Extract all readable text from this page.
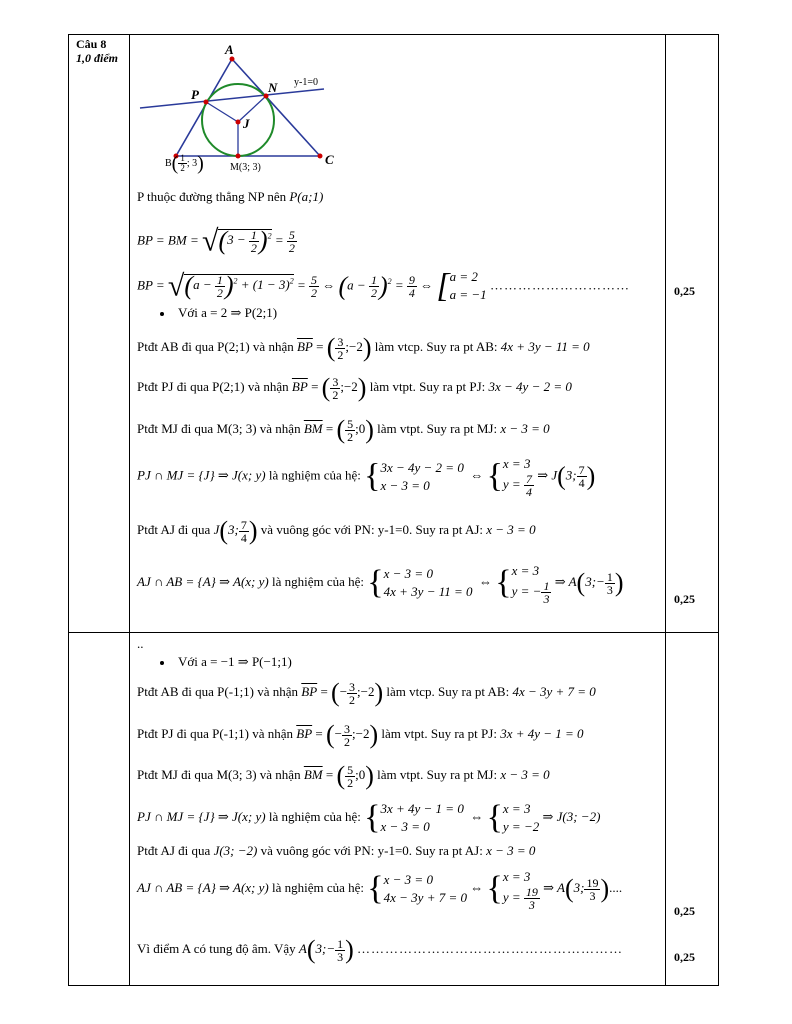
Câu 8
1,0 điểm
A
P	N
J
C
y-1=0
M(3; 3)
$B( \frac{1}{2}$ ; 3)
P thuộc đường thẳng NP nên P(a;1)
BP = BM = $√(3 - \frac{1}{2} )^2 = \frac{5}{2}$
BP = $√(a - \frac{1}{2} )^2 + (1 - 3)^2 = \frac{5}{2}$ ⇔ $(a - \frac{1}{2} )^2 = \frac{9}{4}$ ⇔ [a = 2
a = −1 …………………………	0,25
Với a = 2 ⇒ P(2;1)
Ptđt AB đi qua P(2;1) và nhận $\overline{BP}$ = ( $\frac{3}{2}$ ;−2) làm vtcp. Suy ra pt AB: 4x + 3y − 11 = 0
Ptđt PJ đi qua P(2;1) và nhận $\overline{BP}$ = ( $\frac{3}{2}$ ;−2) làm vtpt. Suy ra pt PJ: 3x − 4y − 2 = 0
Ptđt MJ đi qua M(3; 3) và nhận $\overline{BM}$ = ( $\frac{5}{2}$ ;0) làm vtpt. Suy ra pt MJ: x − 3 = 0
PJ ∩ MJ = {J} ⇒ J(x; y) là nghiệm của hệ: {3x − 4y − 2 = 0
x − 3 = 0  ⇔ {x = 3
$y = \frac{7}{4}$ ⇒ J(3; $\frac{7}{4}$ )
Ptđt AJ đi qua J(3; $\frac{7}{4}$ ) và vuông góc với PN: y-1=0. Suy ra pt AJ: x − 3 = 0
AJ ∩ AB = {A} ⇒ A(x; y) là nghiệm của hệ: {x − 3 = 0
4x + 3y − 11 = 0  ⇔ {x = 3
y = − $\frac{1}{3}$ ⇒ A(3;− $\frac{1}{3}$ )
0,25
..
Với a = −1 ⇒ P(−1;1)
Ptđt AB đi qua P(-1;1) và nhận $\overline{BP}$ = (− $\frac{3}{2}$ ;−2) làm vtcp. Suy ra pt AB: 4x − 3y + 7 = 0
Ptđt PJ đi qua P(-1;1) và nhận $\overline{BP}$ = (− $\frac{3}{2}$ ;−2) làm vtpt. Suy ra pt PJ: 3x + 4y − 1 = 0
Ptđt MJ đi qua M(3; 3) và nhận $\overline{BM}$ = ( $\frac{5}{2}$ ;0) làm vtpt. Suy ra pt MJ: x − 3 = 0
PJ ∩ MJ = {J} ⇒ J(x; y) là nghiệm của hệ: {3x + 4y − 1 = 0
x − 3 = 0  ⇔ {x = 3
y = −2 ⇒ J(3; −2)
Ptđt AJ đi qua J(3; −2) và vuông góc với PN: y-1=0. Suy ra pt AJ: x − 3 = 0
AJ ∩ AB = {A} ⇒ A(x; y) là nghiệm của hệ: {x − 3 = 0
4x − 3y + 7 = 0 ⇔ {x = 3
$y = \frac{19}{3}$ ⇒ A(3; $\frac{19}{3}$ )....
0,25
Vì điểm A có tung độ âm. Vậy A(3;− $\frac{1}{3}$ ) …………………………………………………
0,25
